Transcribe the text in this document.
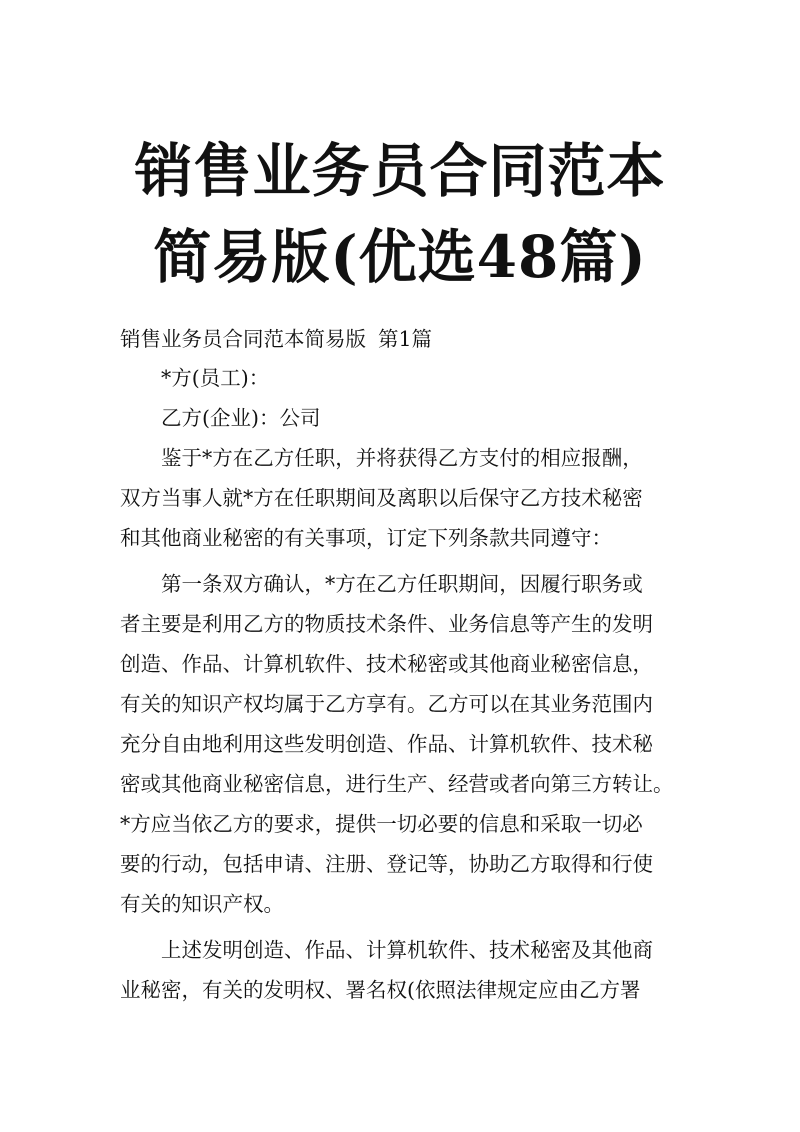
销售业务员合同范本
简易版(优选48篇)

销售业务员合同范本简易版 第1篇

*方(员工)：

乙方(企业)：公司

鉴于*方在乙方任职，并将获得乙方支付的相应报酬，
双方当事人就*方在任职期间及离职以后保守乙方技术秘密
和其他商业秘密的有关事项，订定下列条款共同遵守：

第一条双方确认，*方在乙方任职期间，因履行职务或
者主要是利用乙方的物质技术条件、业务信息等产生的发明
创造、作品、计算机软件、技术秘密或其他商业秘密信息，
有关的知识产权均属于乙方享有。乙方可以在其业务范围内
充分自由地利用这些发明创造、作品、计算机软件、技术秘
密或其他商业秘密信息，进行生产、经营或者向第三方转让。
*方应当依乙方的要求，提供一切必要的信息和采取一切必
要的行动，包括申请、注册、登记等，协助乙方取得和行使
有关的知识产权。

上述发明创造、作品、计算机软件、技术秘密及其他商
业秘密，有关的发明权、署名权(依照法律规定应由乙方署
